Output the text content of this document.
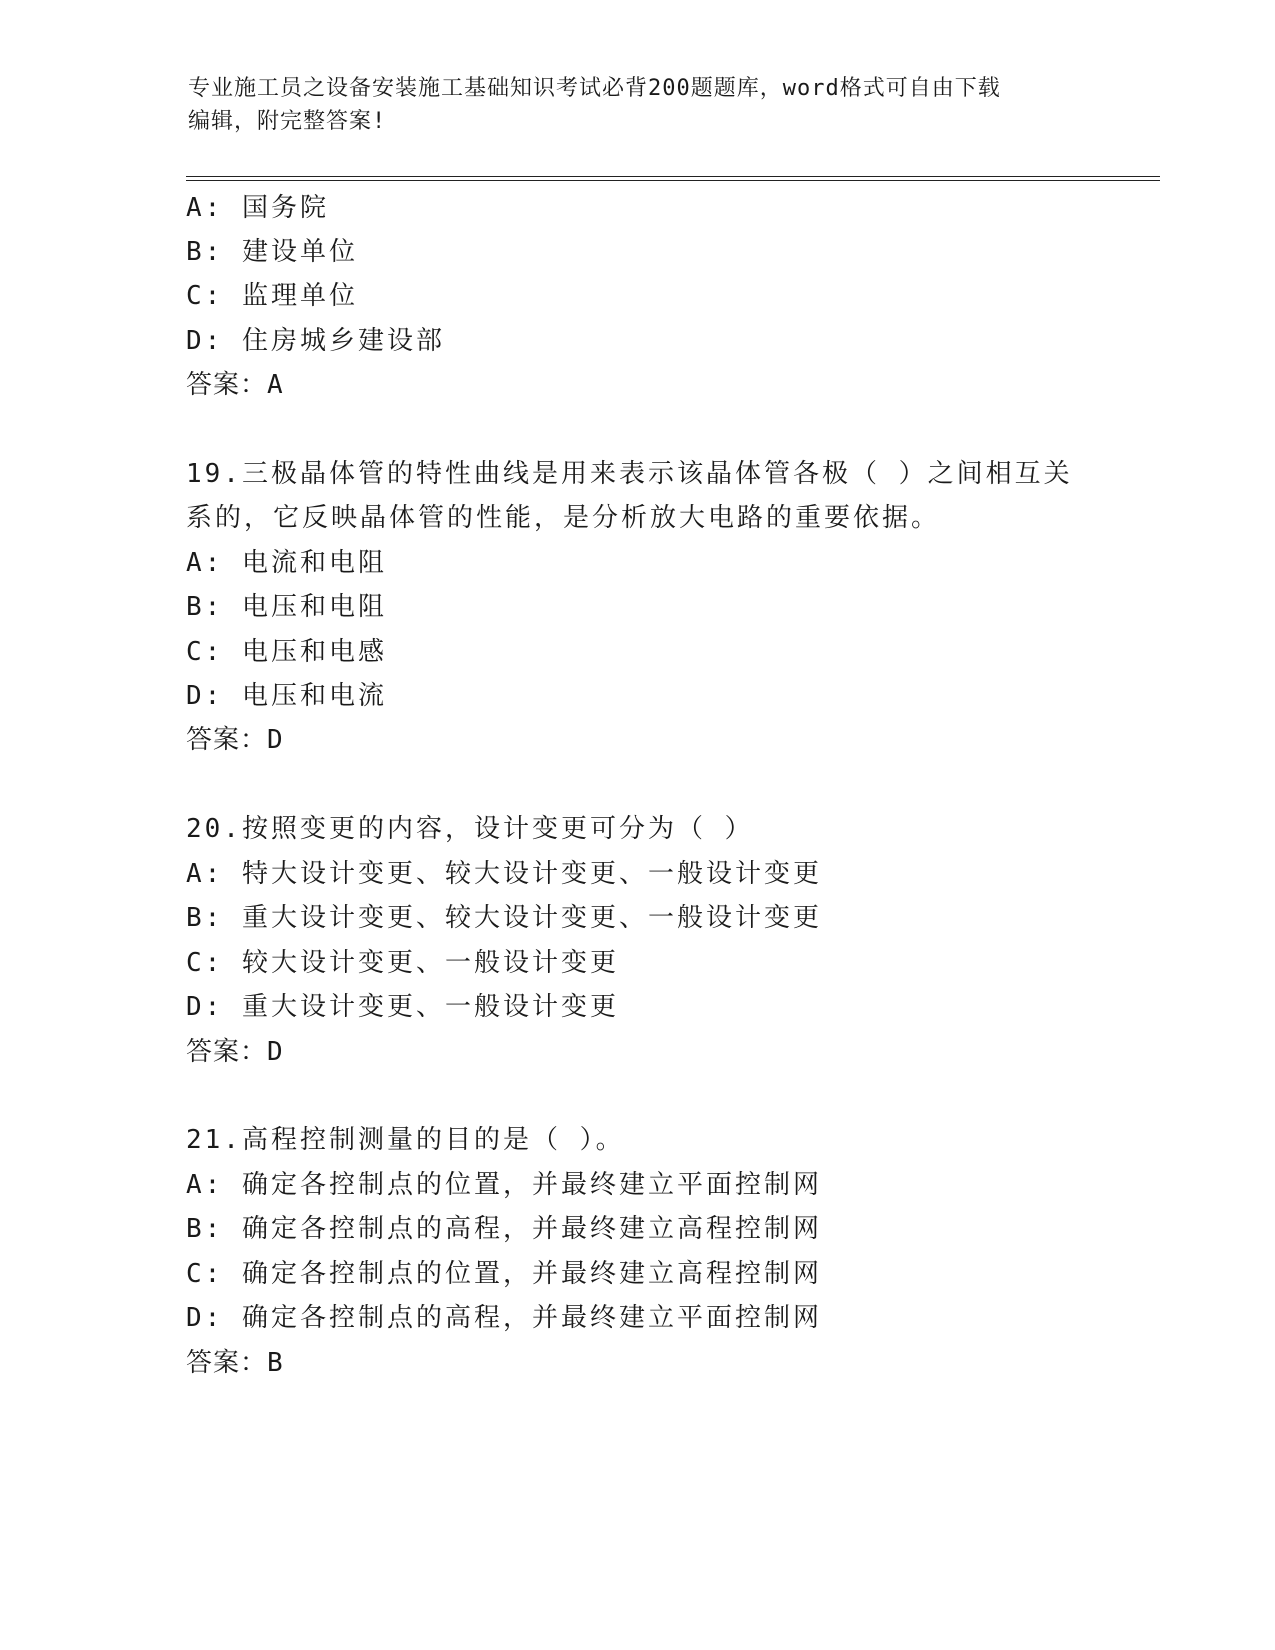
专业施工员之设备安装施工基础知识考试必背200题题库，word格式可自由下载
编辑，附完整答案!
A: 国务院
B: 建设单位
C: 监理单位
D: 住房城乡建设部
答案：A
19.三极晶体管的特性曲线是用来表示该晶体管各极（ ）之间相互关
系的，它反映晶体管的性能，是分析放大电路的重要依据。
A: 电流和电阻
B: 电压和电阻
C: 电压和电感
D: 电压和电流
答案：D
20.按照变更的内容，设计变更可分为（ ）
A: 特大设计变更、较大设计变更、一般设计变更
B: 重大设计变更、较大设计变更、一般设计变更
C: 较大设计变更、一般设计变更
D: 重大设计变更、一般设计变更
答案：D
21.高程控制测量的目的是（ ）。
A: 确定各控制点的位置，并最终建立平面控制网
B: 确定各控制点的高程，并最终建立高程控制网
C: 确定各控制点的位置，并最终建立高程控制网
D: 确定各控制点的高程，并最终建立平面控制网
答案：B
